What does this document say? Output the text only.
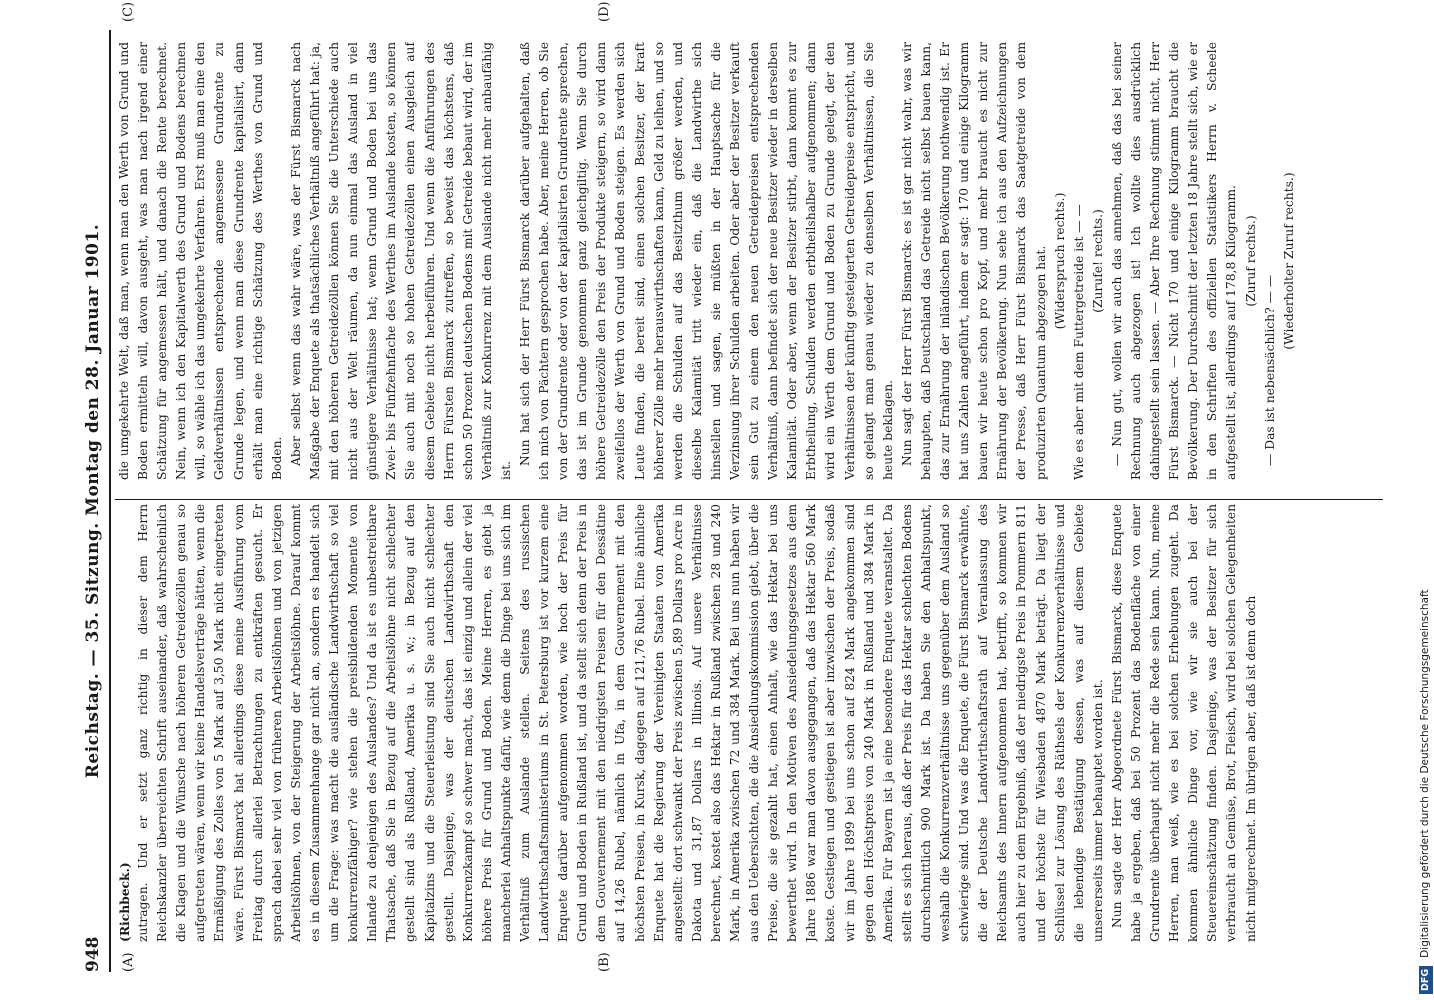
948
Reichstag. — 35. Sitzung. Montag den 28. Januar 1901.
(A)	(B)
(C)	(D)

(Richbeck.) zutragen. Und er setzt ganz richtig in dieser dem Herrn Reichskanzler überreichten Schrift auseinander, daß wahrscheinlich die Klagen und die Wünsche nach höheren Getreidezöllen genau so aufgetreten wären, wenn wir keine Handelsverträge hätten, wenn die Ermäßigung des Zolles von 5 Mark auf 3,50 Mark nicht eingetreten wäre. Fürst Bismarck hat allerdings diese meine Ausführung vom Freitag durch allerlei Betrachtungen zu entkräften gesucht. Er sprach dabei sehr viel von früheren Arbeitslöhnen und von jetzigen Arbeitslöhnen, von der Steigerung der Arbeitslöhne. Darauf kommt es in diesem Zusammenhange gar nicht an, sondern es handelt sich um die Frage: was macht die ausländische Landwirthschaft so viel konkurrenzfähiger? wie stehen die preisbildenden Momente von Inlande zu denjenigen des Auslandes? Und da ist es unbestreitbare Thatsache, daß Sie in Bezug auf die Arbeitslöhne nicht schlechter gestellt sind als Rußland, Amerika u. s. w.; in Bezug auf den Kapitalzins und die Steuerleistung sind Sie auch nicht schlechter gestellt. Dasjenige, was der deutschen Landwirthschaft den Konkurrenzkampf so schwer macht, das ist einzig und allein der viel höhere Preis für Grund und Boden. Meine Herren, es giebt ja mancherlei Anhaltspunkte dafür, wie denn die Dinge bei uns sich im Verhältniß zum Auslande stellen. Seitens des russischen Landwirthschaftsministeriums in St. Petersburg ist vor kurzem eine Enquete darüber aufgenommen worden, wie hoch der Preis für Grund und Boden in Rußland ist, und da stellt sich denn der Preis in dem Gouvernement mit den niedrigsten Preisen für den Dessätine auf 14,26 Rubel, nämlich in Ufa, in dem Gouvernement mit den höchsten Preisen, in Kursk, dagegen auf 121,76 Rubel. Eine ähnliche Enquete hat die Regierung der Vereinigten Staaten von Amerika angestellt: dort schwankt der Preis zwischen 5,89 Dollars pro Acre in Dakota und 31,87 Dollars in Illinois. Auf unsere Verhältnisse berechnet, kostet also das Hektar in Rußland zwischen 28 und 240 Mark, in Amerika zwischen 72 und 384 Mark. Bei uns nun haben wir aus den Uebersichten, die die Ansiedlungskommission giebt, über die Preise, die sie gezahlt hat, einen Anhalt, wie das Hektar bei uns bewerthet wird. In den Motiven des Ansiedelungsgesetzes aus dem Jahre 1886 war man davon ausgegangen, daß das Hektar 560 Mark koste. Gestiegen und gestiegen ist aber inzwischen der Preis, sodaß wir im Jahre 1899 bei uns schon auf 824 Mark angekommen sind gegen den Höchstpreis von 240 Mark in Rußland und 384 Mark in Amerika. Für Bayern ist ja eine besondere Enquete veranstaltet. Da stellt es sich heraus, daß der Preis für das Hektar schlechten Bodens durchschnittlich 900 Mark ist. Da haben Sie den Anhaltspunkt, weshalb die Konkurrenzverhältnisse uns gegenüber dem Ausland so schwierige sind. Und was die Enquete, die Fürst Bismarck erwähnte, die der Deutsche Landwirthschaftsrath auf Veranlassung des Reichsamts des Innern aufgenommen hat, betrifft, so kommen wir auch hier zu dem Ergebniß, daß der niedrigste Preis in Pommern 811 und der höchste für Wiesbaden 4870 Mark beträgt. Da liegt der Schlüssel zur Lösung des Räthsels der Konkurrenzverhältnisse und die lebendige Bestätigung dessen, was auf diesem Gebiete unsererseits immer behauptet worden ist. Nun sagte der Herr Abgeordnete Fürst Bismarck, diese Enquete habe ja ergeben, daß bei 50 Prozent das Bodenfläche von einer Grundrente überhaupt nicht mehr die Rede sein kann. Nun, meine Herren, man weiß, wie es bei solchen Erhebungen zugeht. Da kommen ähnliche Dinge vor, wie wir sie auch bei der Steuereinschätzung finden. Dasjenige, was der Besitzer für sich verbraucht an Gemüse, Brot, Fleisch, wird bei solchen Gelegenheiten nicht mitgerechnet. Im übrigen aber, daß ist denn doch

die umgekehrte Welt, daß man, wenn man den Werth von Grund und Boden ermitteln will, davon ausgeht, was man nach irgend einer Schätzung für angemessen hält, und danach die Rente berechnet. Nein, wenn ich den Kapitalwerth des Grund und Bodens berechnen will, so wähle ich das umgekehrte Verfahren. Erst muß man eine den Geldverhältnissen entsprechende angemessene Grundrente zu Grunde legen, und wenn man diese Grundrente kapitalisirt, dann erhält man eine richtige Schätzung des Werthes von Grund und Boden. Aber selbst wenn das wahr wäre, was der Fürst Bismarck nach Maßgabe der Enquete als thatsächliches Verhältniß angeführt hat: ja, mit den höheren Getreidezöllen können Sie die Unterschiede auch nicht aus der Welt räumen, da nun einmal das Ausland in viel günstigere Verhältnisse hat; wenn Grund und Boden bei uns das Zwei- bis Fünfzehnfache des Werthes im Auslande kosten, so können Sie auch mit noch so hohen Getreidezöllen einen Ausgleich auf diesem Gebiete nicht herbeiführen. Und wenn die Anführungen des Herrn Fürsten Bismarck zutreffen, so beweist das höchstens, daß schon 50 Prozent deutschen Bodens mit Getreide bebaut wird, der im Verhältniß zur Konkurrenz mit dem Auslande nicht mehr anbaufähig ist.

Nun hat sich der Herr Fürst Bismarck darüber aufgehalten, daß ich mich von Pächtern gesprochen habe. Aber, meine Herren, ob Sie von der Grundrente oder von der kapitalisirten Grundrente sprechen, das ist im Grunde genommen ganz gleichgiltig. Wenn Sie durch höhere Getreidezölle den Preis der Produkte steigern, so wird dann zweifellos der Werth von Grund und Boden steigen. Es werden sich Leute finden, die bereit sind, einen solchen Besitzer, der kraft höherer Zölle mehr herauswirthschaften kann, Geld zu leihen, und so werden die Schulden auf das Besitzthum größer werden, und dieselbe Kalamität tritt wieder ein, daß die Landwirthe sich hinstellen und sagen, sie müßten in der Hauptsache für die Verzinsung ihrer Schulden arbeiten. Oder aber der Besitzer verkauft sein Gut zu einem den neuen Getreidepreisen entsprechenden Verhältniß, dann befindet sich der neue Besitzer wieder in derselben Kalamität. Oder aber, wenn der Besitzer stirbt, dann kommt es zur Erbtheilung, Schulden werden erbtheilshalber aufgenommen; dann wird ein Werth dem Grund und Boden zu Grunde gelegt, der den Verhältnissen der künftig gesteigerten Getreidepreise entspricht, und so gelangt man genau wieder zu denselben Verhältnissen, die Sie heute beklagen. Nun sagt der Herr Fürst Bismarck: es ist gar nicht wahr, was wir behaupten, daß Deutschland das Getreide nicht selbst bauen kann, das zur Ernährung der inländischen Bevölkerung nothwendig ist. Er hat uns Zahlen angeführt, indem er sagt: 170 und einige Kilogramm bauen wir heute schon pro Kopf, und mehr braucht es nicht zur Ernährung der Bevölkerung. Nun sehe ich aus den Aufzeichnungen der Presse, daß Herr Fürst Bismarck das Saatgetreide von dem produzirten Quantum abgezogen hat. (Widerspruch rechts.) Wie es aber mit dem Futtergetreide ist — — (Zurufe! rechts.) — Nun gut, wollen wir auch das annehmen, daß das bei seiner Rechnung auch abgezogen ist! Ich wollte dies ausdrücklich dahingestellt sein lassen. — Aber Ihre Rechnung stimmt nicht, Herr Fürst Bismarck. — Nicht 170 und einige Kilogramm braucht die Bevölkerung. Der Durchschnitt der letzten 18 Jahre stellt sich, wie er in den Schriften des offiziellen Statistikers Herrn v. Scheele aufgestellt ist, allerdings auf 178,8 Kilogramm. (Zuruf rechts.)

— Das ist nebensächlich? — —

(Wiederholter Zuruf rechts.)

DFGDigitalisierung gefördert durch die Deutsche Forschungsgemeinschaft
